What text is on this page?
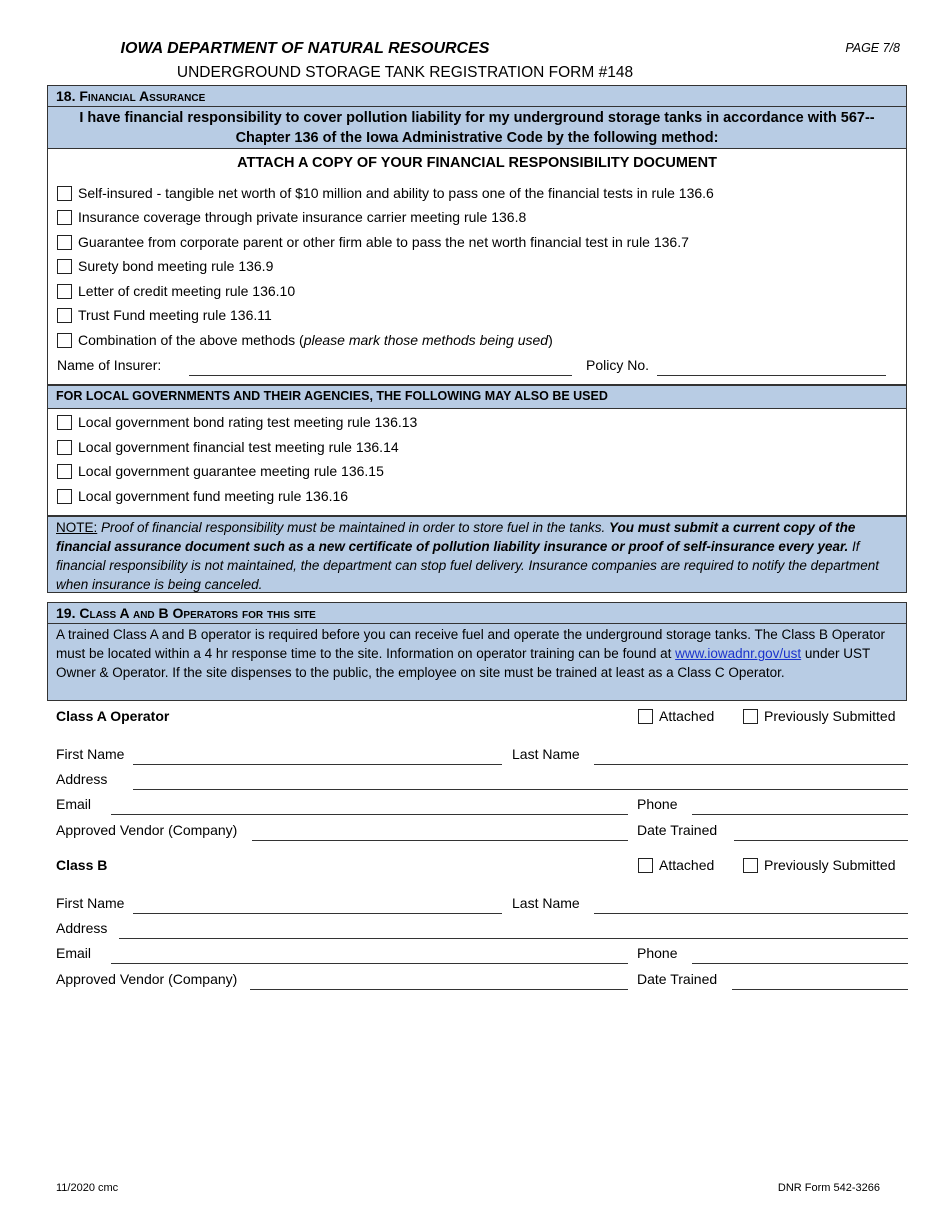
IOWA DEPARTMENT OF NATURAL RESOURCES
UNDERGROUND STORAGE TANK REGISTRATION FORM #148
PAGE 7/8
18. Financial Assurance
I have financial responsibility to cover pollution liability for my underground storage tanks in accordance with 567--Chapter 136 of the Iowa Administrative Code by the following method:
ATTACH A COPY OF YOUR FINANCIAL RESPONSIBILITY DOCUMENT
Self-insured - tangible net worth of $10 million and ability to pass one of the financial tests in rule 136.6
Insurance coverage through private insurance carrier meeting rule 136.8
Guarantee from corporate parent or other firm able to pass the net worth financial test in rule 136.7
Surety bond meeting rule 136.9
Letter of credit meeting rule 136.10
Trust Fund meeting rule 136.11
Combination of the above methods (please mark those methods being used)
Name of Insurer:	Policy No.
FOR LOCAL GOVERNMENTS AND THEIR AGENCIES, THE FOLLOWING MAY ALSO BE USED
Local government bond rating test meeting rule 136.13
Local government financial test meeting rule 136.14
Local government guarantee meeting rule 136.15
Local government fund meeting rule 136.16
NOTE: Proof of financial responsibility must be maintained in order to store fuel in the tanks. You must submit a current copy of the financial assurance document such as a new certificate of pollution liability insurance or proof of self-insurance every year. If financial responsibility is not maintained, the department can stop fuel delivery. Insurance companies are required to notify the department when insurance is being canceled.
19. Class A and B Operators for this site
A trained Class A and B operator is required before you can receive fuel and operate the underground storage tanks. The Class B Operator must be located within a 4 hr response time to the site. Information on operator training can be found at www.iowadnr.gov/ust under UST Owner & Operator. If the site dispenses to the public, the employee on site must be trained at least as a Class C Operator.
Class A Operator	Attached	Previously Submitted
First Name	Last Name
Address
Email	Phone
Approved Vendor (Company)	Date Trained
Class B	Attached	Previously Submitted
First Name	Last Name
Address
Email	Phone
Approved Vendor (Company)	Date Trained
11/2020 cmc	DNR Form 542-3266
